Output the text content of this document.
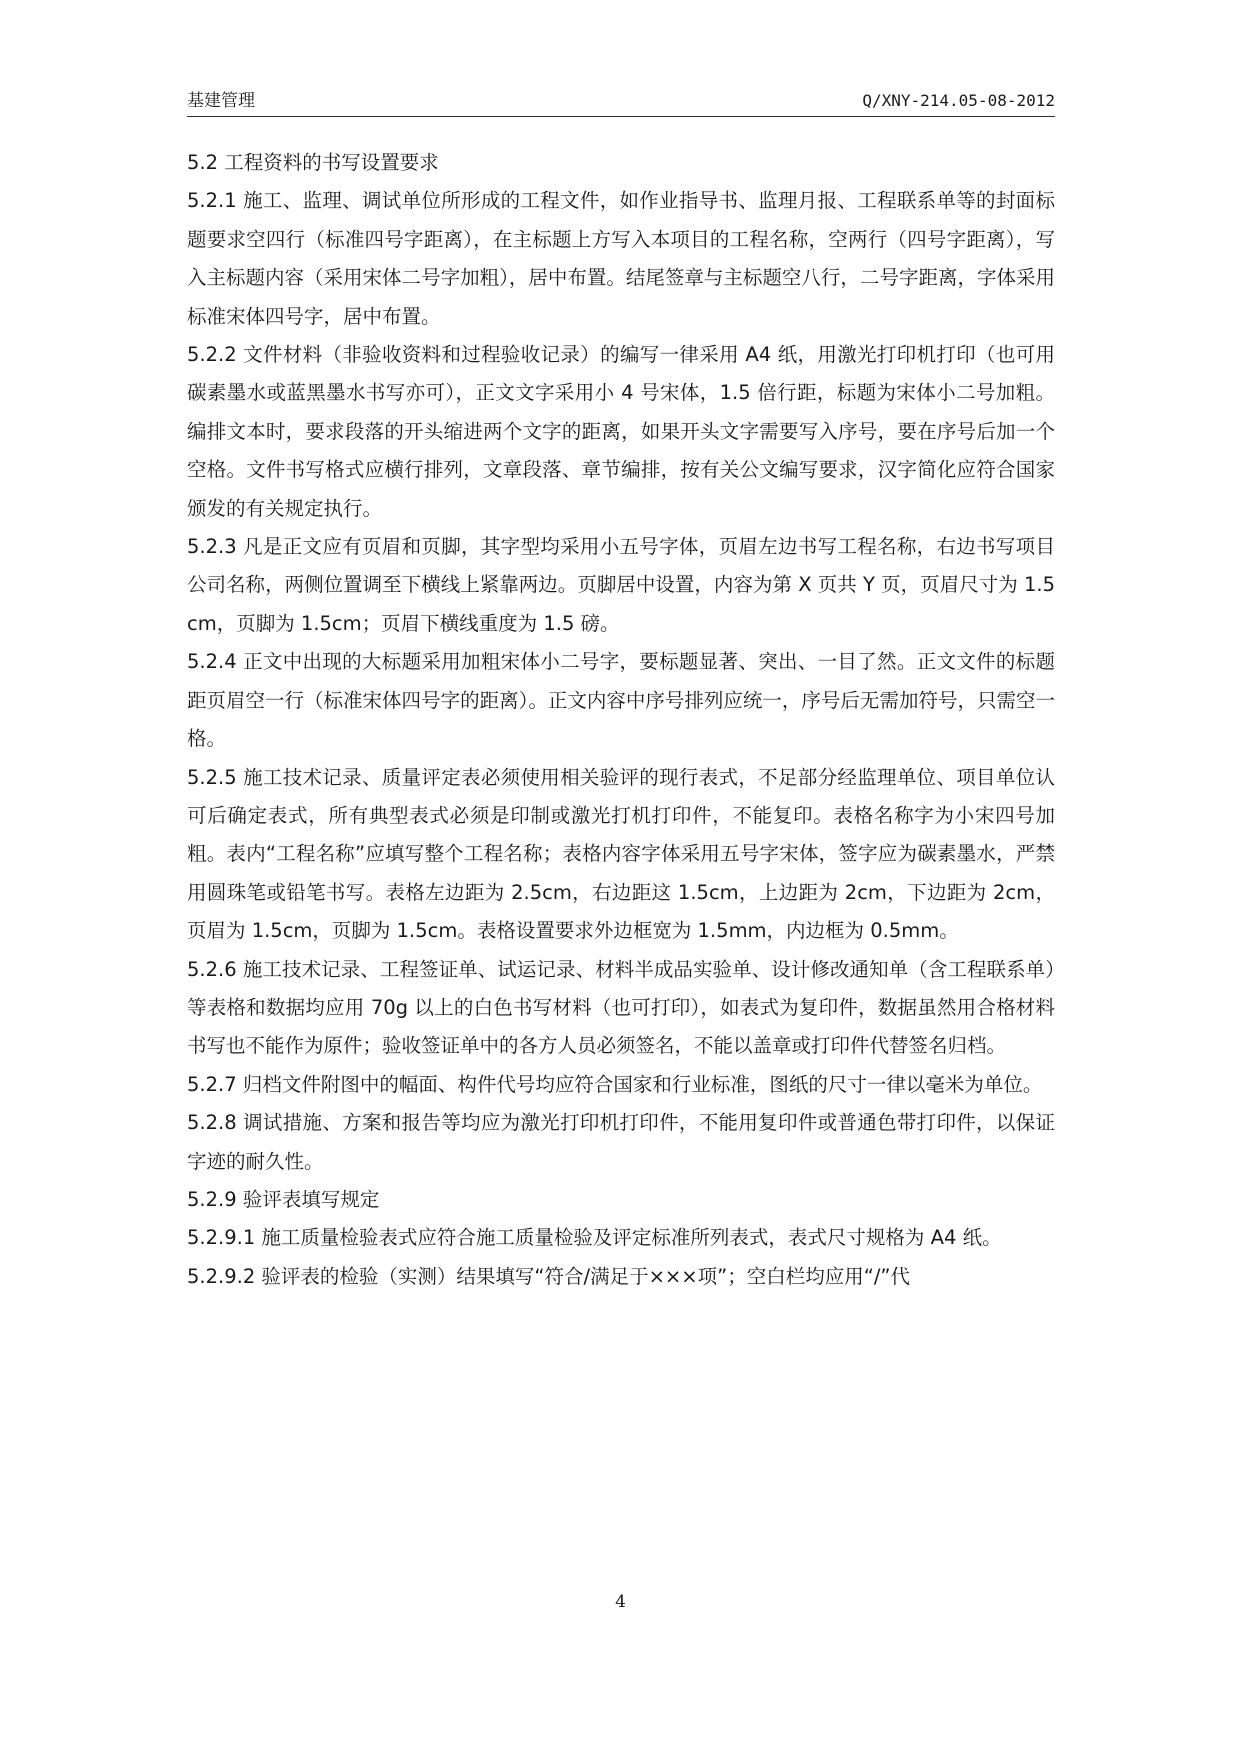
基建管理	Q/XNY-214.05-08-2012

5.2 工程资料的书写设置要求

5.2.1 施工、监理、调试单位所形成的工程文件，如作业指导书、监理月报、工程联系单等的封面标题要求空四行（标准四号字距离），在主标题上方写入本项目的工程名称，空两行（四号字距离），写入主标题内容（采用宋体二号字加粗），居中布置。结尾签章与主标题空八行，二号字距离，字体采用标准宋体四号字，居中布置。

5.2.2 文件材料（非验收资料和过程验收记录）的编写一律采用 A4 纸，用激光打印机打印（也可用碳素墨水或蓝黑墨水书写亦可），正文文字采用小 4 号宋体，1.5 倍行距，标题为宋体小二号加粗。编排文本时，要求段落的开头缩进两个文字的距离，如果开头文字需要写入序号，要在序号后加一个空格。文件书写格式应横行排列，文章段落、章节编排，按有关公文编写要求，汉字简化应符合国家颁发的有关规定执行。

5.2.3 凡是正文应有页眉和页脚，其字型均采用小五号字体，页眉左边书写工程名称，右边书写项目公司名称，两侧位置调至下横线上紧靠两边。页脚居中设置，内容为第 X 页共 Y 页，页眉尺寸为 1.5 cm，页脚为 1.5cm；页眉下横线重度为 1.5 磅。

5.2.4 正文中出现的大标题采用加粗宋体小二号字，要标题显著、突出、一目了然。正文文件的标题距页眉空一行（标准宋体四号字的距离）。正文内容中序号排列应统一，序号后无需加符号，只需空一格。

5.2.5 施工技术记录、质量评定表必须使用相关验评的现行表式，不足部分经监理单位、项目单位认可后确定表式，所有典型表式必须是印制或激光打机打印件，不能复印。表格名称字为小宋四号加粗。表内“工程名称”应填写整个工程名称；表格内容字体采用五号字宋体，签字应为碳素墨水，严禁用圆珠笔或铅笔书写。表格左边距为 2.5cm，右边距这 1.5cm，上边距为 2cm，下边距为 2cm，页眉为 1.5cm，页脚为 1.5cm。表格设置要求外边框宽为 1.5mm，内边框为 0.5mm。

5.2.6 施工技术记录、工程签证单、试运记录、材料半成品实验单、设计修改通知单（含工程联系单）等表格和数据均应用 70g 以上的白色书写材料（也可打印），如表式为复印件，数据虽然用合格材料书写也不能作为原件；验收签证单中的各方人员必须签名，不能以盖章或打印件代替签名归档。

5.2.7 归档文件附图中的幅面、构件代号均应符合国家和行业标准，图纸的尺寸一律以毫米为单位。

5.2.8 调试措施、方案和报告等均应为激光打印机打印件，不能用复印件或普通色带打印件，以保证字迹的耐久性。

5.2.9 验评表填写规定

5.2.9.1 施工质量检验表式应符合施工质量检验及评定标准所列表式，表式尺寸规格为 A4 纸。

5.2.9.2 验评表的检验（实测）结果填写“符合/满足于×××项”；空白栏均应用“/”代

4
